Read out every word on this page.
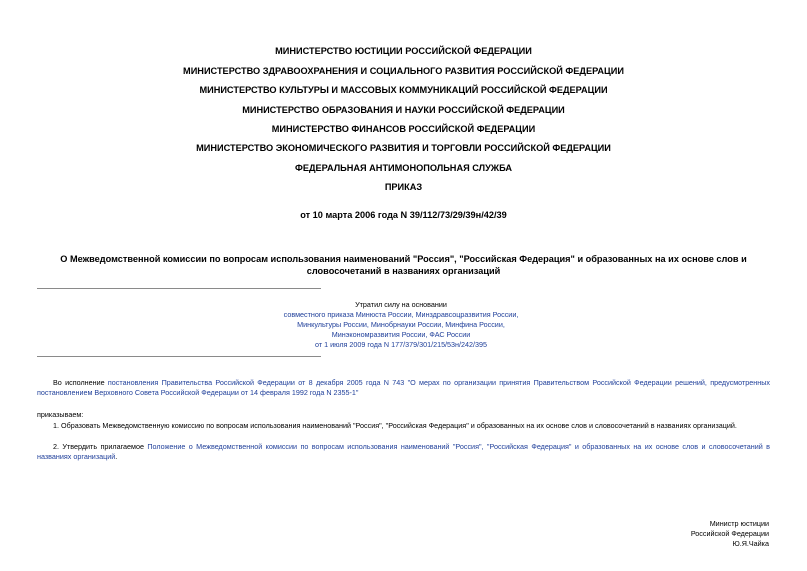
МИНИСТЕРСТВО ЮСТИЦИИ РОССИЙСКОЙ ФЕДЕРАЦИИ
МИНИСТЕРСТВО ЗДРАВООХРАНЕНИЯ И СОЦИАЛЬНОГО РАЗВИТИЯ РОССИЙСКОЙ ФЕДЕРАЦИИ
МИНИСТЕРСТВО КУЛЬТУРЫ И МАССОВЫХ КОММУНИКАЦИЙ РОССИЙСКОЙ ФЕДЕРАЦИИ
МИНИСТЕРСТВО ОБРАЗОВАНИЯ И НАУКИ РОССИЙСКОЙ ФЕДЕРАЦИИ
МИНИСТЕРСТВО ФИНАНСОВ РОССИЙСКОЙ ФЕДЕРАЦИИ
МИНИСТЕРСТВО ЭКОНОМИЧЕСКОГО РАЗВИТИЯ И ТОРГОВЛИ РОССИЙСКОЙ ФЕДЕРАЦИИ
ФЕДЕРАЛЬНАЯ АНТИМОНОПОЛЬНАЯ СЛУЖБА
ПРИКАЗ
от 10 марта 2006 года N 39/112/73/29/39н/42/39
О Межведомственной комиссии по вопросам использования наименований "Россия", "Российская Федерация" и образованных на их основе слов и словосочетаний в названиях организаций
Утратил силу на основании
совместного приказа Минюста России, Минздравсоцразвития России,
Минкультуры России, Минобрнауки России, Минфина России,
Минэкономразвития России, ФАС России
от 1 июля 2009 года N 177/379/301/215/53н/242/395
Во исполнение постановления Правительства Российской Федерации от 8 декабря 2005 года N 743 "О мерах по организации принятия Правительством Российской Федерации решений, предусмотренных постановлением Верховного Совета Российской Федерации от 14 февраля 1992 года N 2355-1"
приказываем:
1. Образовать Межведомственную комиссию по вопросам использования наименований "Россия", "Российская Федерация" и образованных на их основе слов и словосочетаний в названиях организаций.
2. Утвердить прилагаемое Положение о Межведомственной комиссии по вопросам использования наименований "Россия", "Российская Федерация" и образованных на их основе слов и словосочетаний в названиях организаций.
Министр юстиции
Российской Федерации
Ю.Я.Чайка
